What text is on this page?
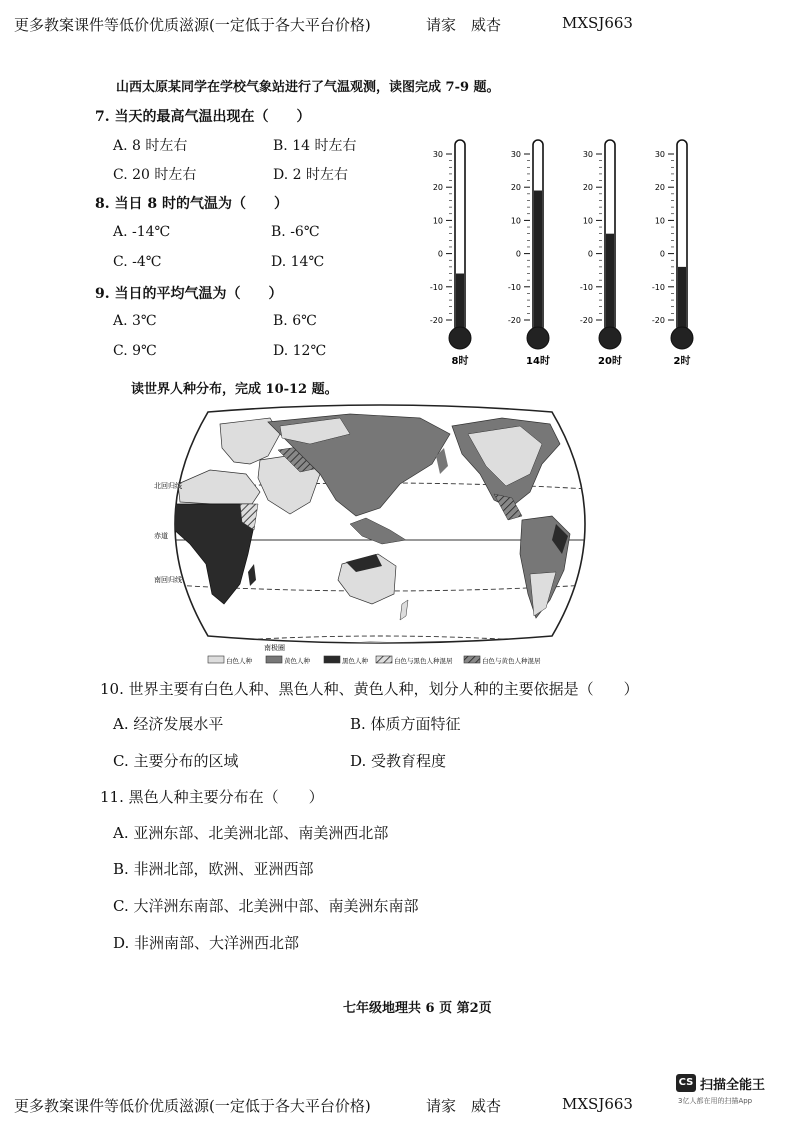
更多教案课件等低价优质滋源(一定低于各大平台价格)	请家　威杏	MXSJ663
山西太原某同学在学校气象站进行了气温观测，读图完成 7-9 题。
7. 当天的最高气温出现在（　　）
A. 8 时左右	B. 14 时左右
C. 20 时左右	D. 2 时左右
8. 当日 8 时的气温为（　　）
A. -14℃	B. -6℃
C. -4℃	D. 14℃
9. 当日的平均气温为（　　）
A. 3℃	B. 6℃
C. 9℃	D. 12℃
30
20
10
0
-10
-20
8时
30
20
10
0
-10
-20
14时
30
20
10
0
-10
-20
20时
30
20
10
0
-10
-20
2时
读世界人种分布，完成 10-12 题。
北回归线
赤道
南回归线
南极圈
白色人种	黄色人种	黑色人种	白色与黑色人种混居	白色与黄色人种混居
10. 世界主要有白色人种、黑色人种、黄色人种，划分人种的主要依据是（　　）
A. 经济发展水平	B. 体质方面特征
C. 主要分布的区域	D. 受教育程度
11. 黑色人种主要分布在（　　）
A. 亚洲东部、北美洲北部、南美洲西北部
B. 非洲北部，欧洲、亚洲西部
C. 大洋洲东南部、北美洲中部、南美洲东南部
D. 非洲南部、大洋洲西北部
七年级地理共 6 页 第2页
更多教案课件等低价优质滋源(一定低于各大平台价格)	请家　威杏	MXSJ663
CS 扫描全能王
3亿人都在用的扫描App
